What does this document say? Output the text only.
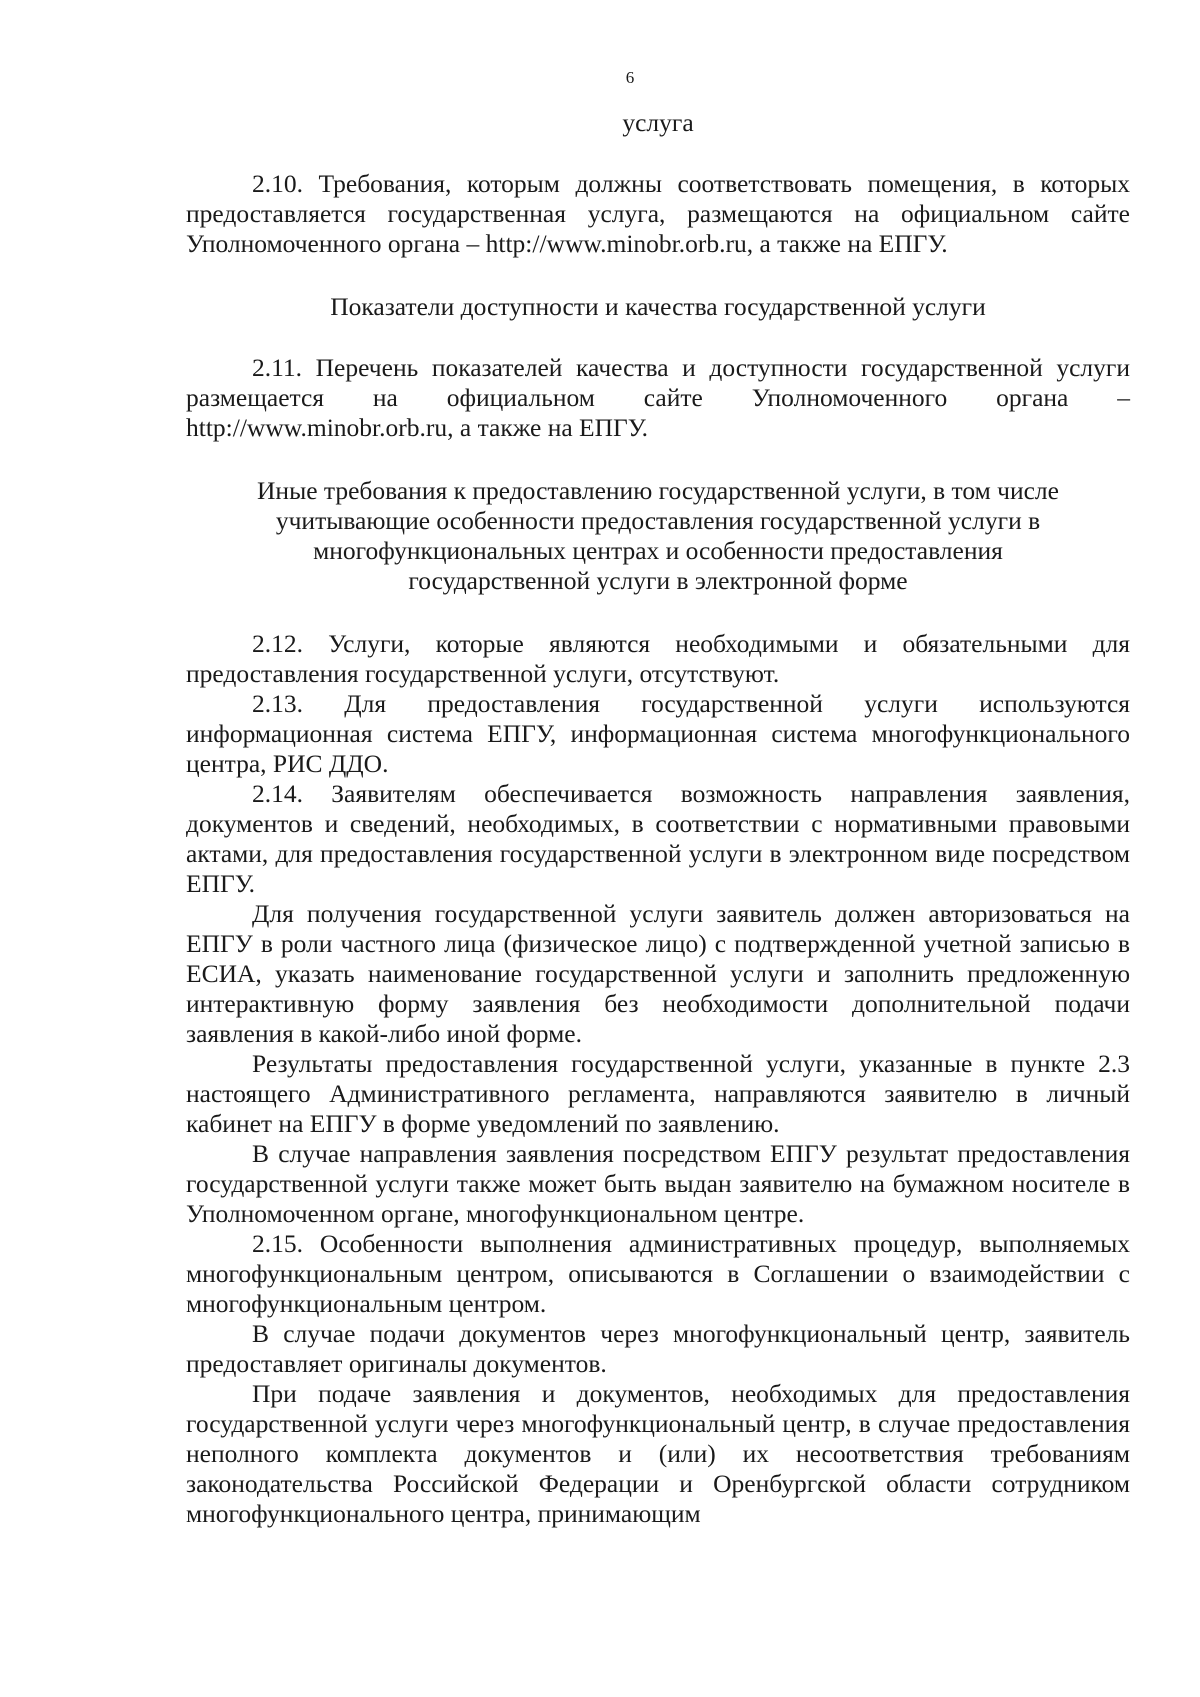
6

услуга

2.10. Требования, которым должны соответствовать помещения, в которых предоставляется государственная услуга, размещаются на официальном сайте Уполномоченного органа – http://www.minobr.orb.ru, а также на ЕПГУ.

Показатели доступности и качества государственной услуги

2.11. Перечень показателей качества и доступности государственной услуги размещается на официальном сайте Уполномоченного органа – http://www.minobr.orb.ru, а также на ЕПГУ.

Иные требования к предоставлению государственной услуги, в том числе
учитывающие особенности предоставления государственной услуги в
многофункциональных центрах и особенности предоставления
государственной услуги в электронной форме

2.12. Услуги, которые являются необходимыми и обязательными для предоставления государственной услуги, отсутствуют.

2.13. Для предоставления государственной услуги используются информационная система ЕПГУ, информационная система многофункционального центра, РИС ДДО.

2.14. Заявителям обеспечивается возможность направления заявления, документов и сведений, необходимых, в соответствии с нормативными правовыми актами, для предоставления государственной услуги в электронном виде посредством ЕПГУ.

Для получения государственной услуги заявитель должен авторизоваться на ЕПГУ в роли частного лица (физическое лицо) с подтвержденной учетной записью в ЕСИА, указать наименование государственной услуги и заполнить предложенную интерактивную форму заявления без необходимости дополнительной подачи заявления в какой-либо иной форме.

Результаты предоставления государственной услуги, указанные в пункте 2.3 настоящего Административного регламента, направляются заявителю в личный кабинет на ЕПГУ в форме уведомлений по заявлению.

В случае направления заявления посредством ЕПГУ результат предоставления государственной услуги также может быть выдан заявителю на бумажном носителе в Уполномоченном органе, многофункциональном центре.

2.15. Особенности выполнения административных процедур, выполняемых многофункциональным центром, описываются в Соглашении о взаимодействии с многофункциональным центром.

В случае подачи документов через многофункциональный центр, заявитель предоставляет оригиналы документов.

При подаче заявления и документов, необходимых для предоставления государственной услуги через многофункциональный центр, в случае предоставления неполного комплекта документов и (или) их несоответствия требованиям законодательства Российской Федерации и Оренбургской области сотрудником многофункционального центра, принимающим
